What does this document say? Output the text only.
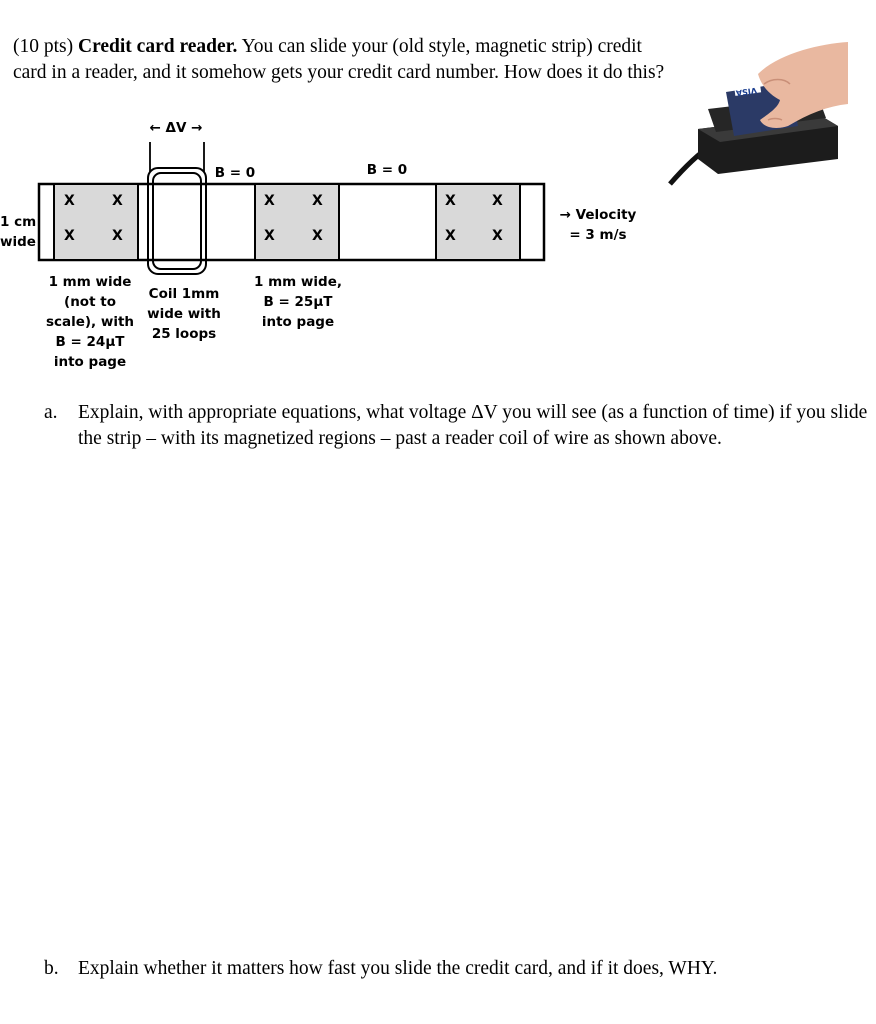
(10 pts) Credit card reader. You can slide your (old style, magnetic strip) credit card in a reader, and it somehow gets your credit card number. How does it do this?
VISA
← ΔV →
B = 0	B = 0
1 cm
wide
→ Velocity
= 3 m/s
X	X
X	X
X	X
X	X
X	X
X	X
1 mm wide
(not to
scale), with
B = 24µT
into page
Coil 1mm
wide with
25 loops
1 mm wide,
B = 25µT
into page
a. Explain, with appropriate equations, what voltage ΔV you will see (as a function of time) if you slide the strip – with its magnetized regions – past a reader coil of wire as shown above.
b. Explain whether it matters how fast you slide the credit card, and if it does, WHY.
